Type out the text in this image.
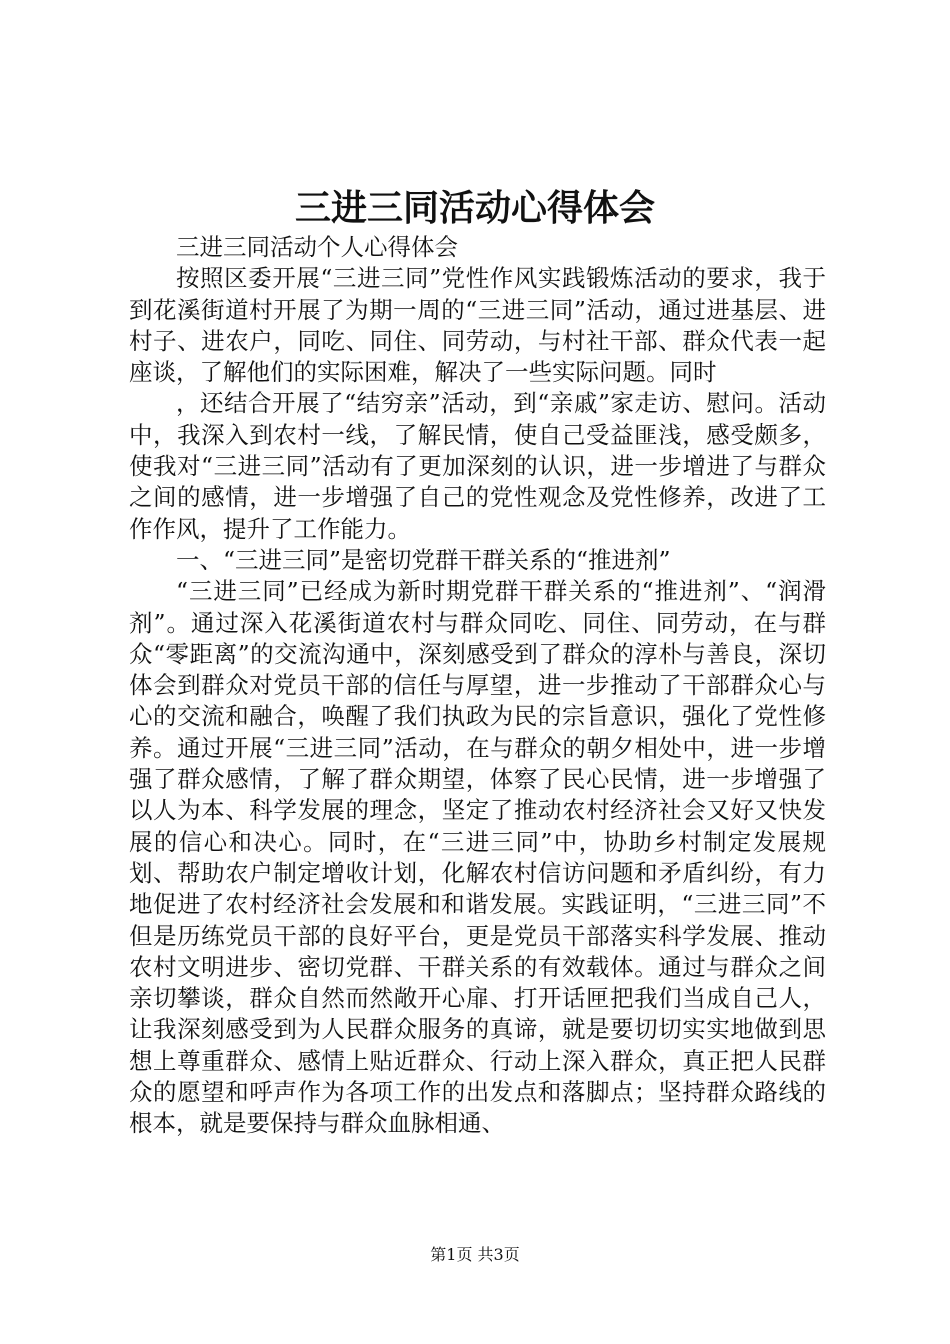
三进三同活动心得体会

三进三同活动个人心得体会

按照区委开展“三进三同”党性作风实践锻炼活动的要求，我于到花溪街道村开展了为期一周的“三进三同”活动，通过进基层、进村子、进农户，同吃、同住、同劳动，与村社干部、群众代表一起座谈，了解他们的实际困难，解决了一些实际问题。同时

，还结合开展了“结穷亲”活动，到“亲戚”家走访、慰问。活动中，我深入到农村一线，了解民情，使自己受益匪浅，感受颇多，使我对“三进三同”活动有了更加深刻的认识，进一步增进了与群众之间的感情，进一步增强了自己的党性观念及党性修养，改进了工作作风，提升了工作能力。

一、“三进三同”是密切党群干群关系的“推进剂”

“三进三同”已经成为新时期党群干群关系的“推进剂”、“润滑剂”。通过深入花溪街道农村与群众同吃、同住、同劳动，在与群众“零距离”的交流沟通中，深刻感受到了群众的淳朴与善良，深切体会到群众对党员干部的信任与厚望，进一步推动了干部群众心与心的交流和融合，唤醒了我们执政为民的宗旨意识，强化了党性修养。通过开展“三进三同”活动，在与群众的朝夕相处中，进一步增强了群众感情，了解了群众期望，体察了民心民情，进一步增强了以人为本、科学发展的理念，坚定了推动农村经济社会又好又快发展的信心和决心。同时，在“三进三同”中，协助乡村制定发展规划、帮助农户制定增收计划，化解农村信访问题和矛盾纠纷，有力地促进了农村经济社会发展和和谐发展。实践证明，“三进三同”不但是历练党员干部的良好平台，更是党员干部落实科学发展、推动农村文明进步、密切党群、干群关系的有效载体。通过与群众之间亲切攀谈，群众自然而然敞开心扉、打开话匣把我们当成自己人，让我深刻感受到为人民群众服务的真谛，就是要切切实实地做到思想上尊重群众、感情上贴近群众、行动上深入群众，真正把人民群众的愿望和呼声作为各项工作的出发点和落脚点；坚持群众路线的根本，就是要保持与群众血脉相通、

第1页 共3页
